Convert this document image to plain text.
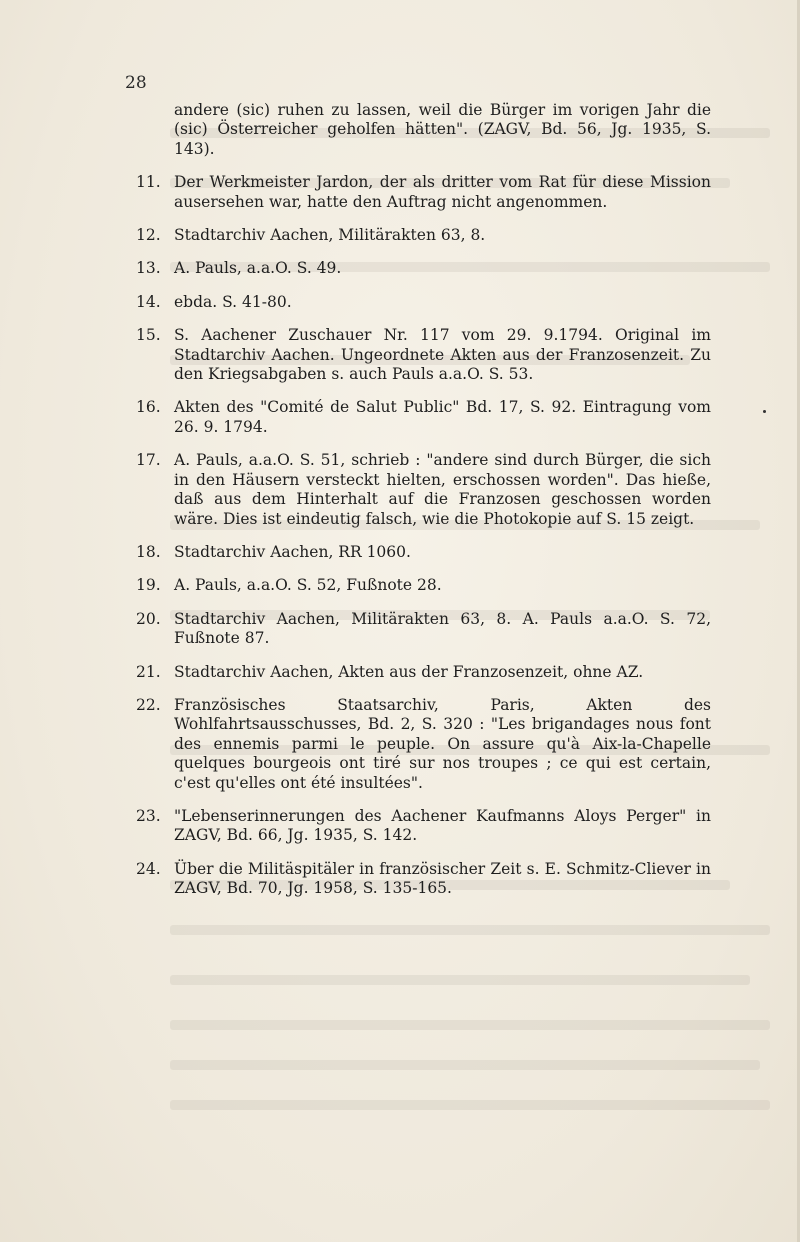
28

andere (sic) ruhen zu lassen, weil die Bürger im vorigen Jahr die (sic) Österreicher geholfen hätten". (ZAGV, Bd. 56, Jg. 1935, S. 143).

11. Der Werkmeister Jardon, der als dritter vom Rat für diese Mission ausersehen war, hatte den Auftrag nicht angenommen.
12. Stadtarchiv Aachen, Militärakten 63, 8.
13. A. Pauls, a.a.O. S. 49.
14. ebda. S. 41-80.
15. S. Aachener Zuschauer Nr. 117 vom 29. 9.1794. Original im Stadtarchiv Aachen. Ungeordnete Akten aus der Franzosenzeit. Zu den Kriegsabgaben s. auch Pauls a.a.O. S. 53.
16. Akten des "Comité de Salut Public" Bd. 17, S. 92. Eintragung vom 26. 9. 1794.
17. A. Pauls, a.a.O. S. 51, schrieb : "andere sind durch Bürger, die sich in den Häusern versteckt hielten, erschossen worden". Das hieße, daß aus dem Hinterhalt auf die Franzosen geschossen worden wäre. Dies ist eindeutig falsch, wie die Photokopie auf S. 15 zeigt.
18. Stadtarchiv Aachen, RR 1060.
19. A. Pauls, a.a.O. S. 52, Fußnote 28.
20. Stadtarchiv Aachen, Militärakten 63, 8. A. Pauls a.a.O. S. 72, Fußnote 87.
21. Stadtarchiv Aachen, Akten aus der Franzosenzeit, ohne AZ.
22. Französisches Staatsarchiv, Paris, Akten des Wohlfahrtsausschusses, Bd. 2, S. 320 : "Les brigandages nous font des ennemis parmi le peuple. On assure qu'à Aix-la-Chapelle quelques bourgeois ont tiré sur nos troupes ; ce qui est certain, c'est qu'elles ont été insultées".
23. "Lebenserinnerungen des Aachener Kaufmanns Aloys Perger" in ZAGV, Bd. 66, Jg. 1935, S. 142.
24. Über die Militäspitäler in französischer Zeit s. E. Schmitz-Cliever in ZAGV, Bd. 70, Jg. 1958, S. 135-165.
